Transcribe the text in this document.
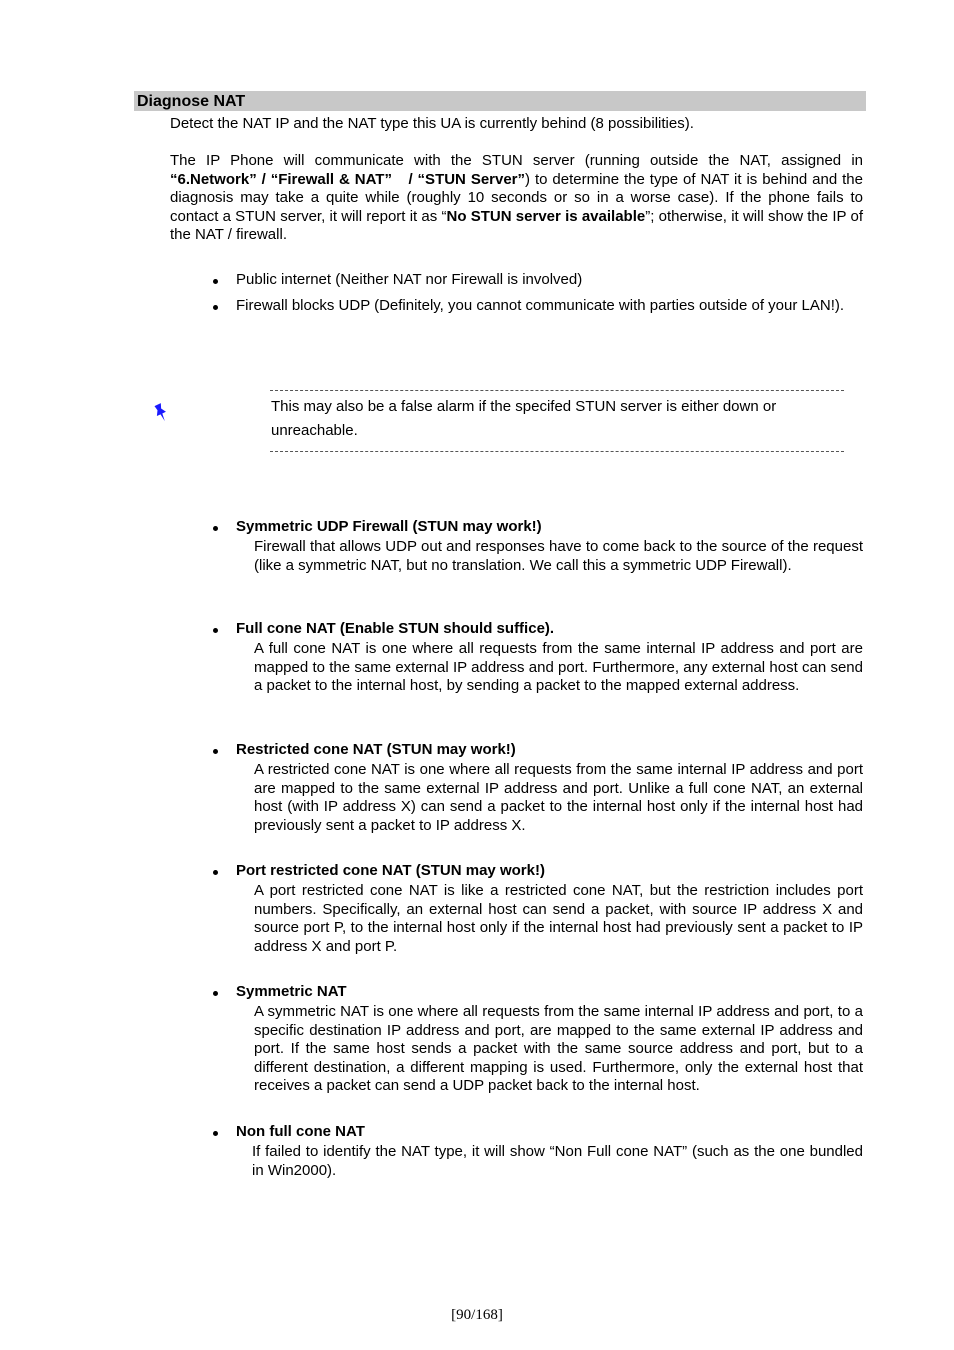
Diagnose NAT
Detect the NAT IP and the NAT type this UA is currently behind (8 possibilities).
The IP Phone will communicate with the STUN server (running outside the NAT, assigned in “6.Network” / “Firewall & NAT”　/ “STUN Server”) to determine the type of NAT it is behind and the diagnosis may take a quite while (roughly 10 seconds or so in a worse case). If the phone fails to contact a STUN server, it will report it as “No STUN server is available”; otherwise, it will show the IP of the NAT / firewall.
Public internet (Neither NAT nor Firewall is involved)
Firewall blocks UDP (Definitely, you cannot communicate with parties outside of your LAN!).
This may also be a false alarm if the specifed STUN server is either down or unreachable.
Symmetric UDP Firewall (STUN may work!)
Firewall that allows UDP out and responses have to come back to the source of the request (like a symmetric NAT, but no translation. We call this a symmetric UDP Firewall).
Full cone NAT (Enable STUN should suffice).
A full cone NAT is one where all requests from the same internal IP address and port are mapped to the same external IP address and port. Furthermore, any external host can send a packet to the internal host, by sending a packet to the mapped external address.
Restricted cone NAT (STUN may work!)
A restricted cone NAT is one where all requests from the same internal IP address and port are mapped to the same external IP address and port. Unlike a full cone NAT, an external host (with IP address X) can send a packet to the internal host only if the internal host had previously sent a packet to IP address X.
Port restricted cone NAT (STUN may work!)
A port restricted cone NAT is like a restricted cone NAT, but the restriction includes port numbers. Specifically, an external host can send a packet, with source IP address X and source port P, to the internal host only if the internal host had previously sent a packet to IP address X and port P.
Symmetric NAT
A symmetric NAT is one where all requests from the same internal IP address and port, to a specific destination IP address and port, are mapped to the same external IP address and port. If the same host sends a packet with the same source address and port, but to a different destination, a different mapping is used. Furthermore, only the external host that receives a packet can send a UDP packet back to the internal host.
Non full cone NAT
If failed to identify the NAT type, it will show “Non Full cone NAT” (such as the one bundled in Win2000).
[90/168]
